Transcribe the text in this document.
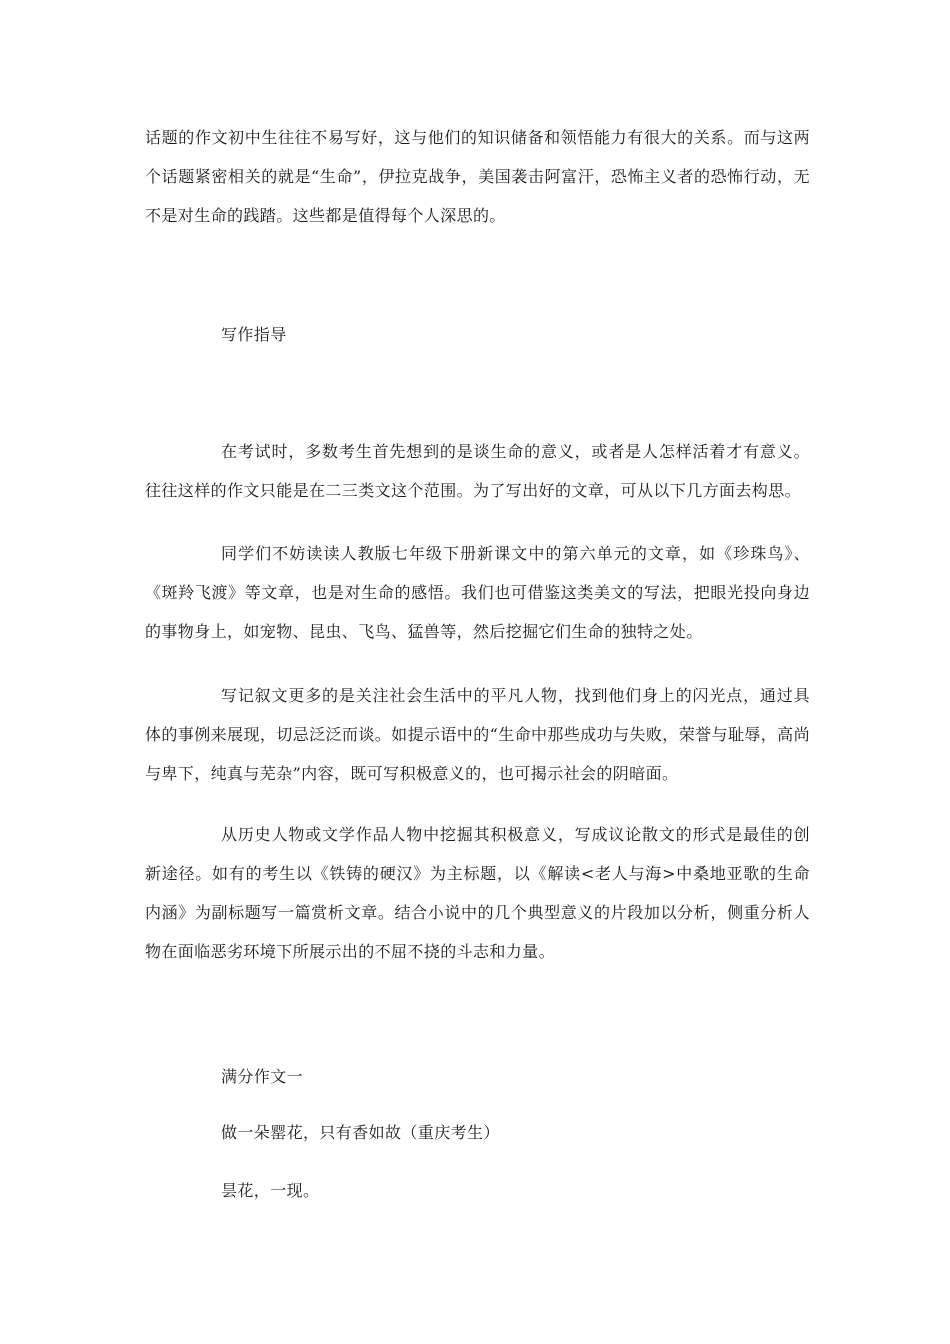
话题的作文初中生往往不易写好，这与他们的知识储备和领悟能力有很大的关系。而与这两个话题紧密相关的就是“生命”，伊拉克战争，美国袭击阿富汗，恐怖主义者的恐怖行动，无不是对生命的践踏。这些都是值得每个人深思的。

写作指导

在考试时，多数考生首先想到的是谈生命的意义，或者是人怎样活着才有意义。往往这样的作文只能是在二三类文这个范围。为了写出好的文章，可从以下几方面去构思。

同学们不妨读读人教版七年级下册新课文中的第六单元的文章，如《珍珠鸟》、《斑羚飞渡》等文章，也是对生命的感悟。我们也可借鉴这类美文的写法，把眼光投向身边的事物身上，如宠物、昆虫、飞鸟、猛兽等，然后挖掘它们生命的独特之处。

写记叙文更多的是关注社会生活中的平凡人物，找到他们身上的闪光点，通过具体的事例来展现，切忌泛泛而谈。如提示语中的“生命中那些成功与失败，荣誉与耻辱，高尚与卑下，纯真与芜杂”内容，既可写积极意义的，也可揭示社会的阴暗面。

从历史人物或文学作品人物中挖掘其积极意义，写成议论散文的形式是最佳的创新途径。如有的考生以《铁铸的硬汉》为主标题，以《解读<老人与海>中桑地亚歌的生命内涵》为副标题写一篇赏析文章。结合小说中的几个典型意义的片段加以分析，侧重分析人物在面临恶劣环境下所展示出的不屈不挠的斗志和力量。

满分作文一

做一朵罂花，只有香如故（重庆考生）

昙花，一现。
